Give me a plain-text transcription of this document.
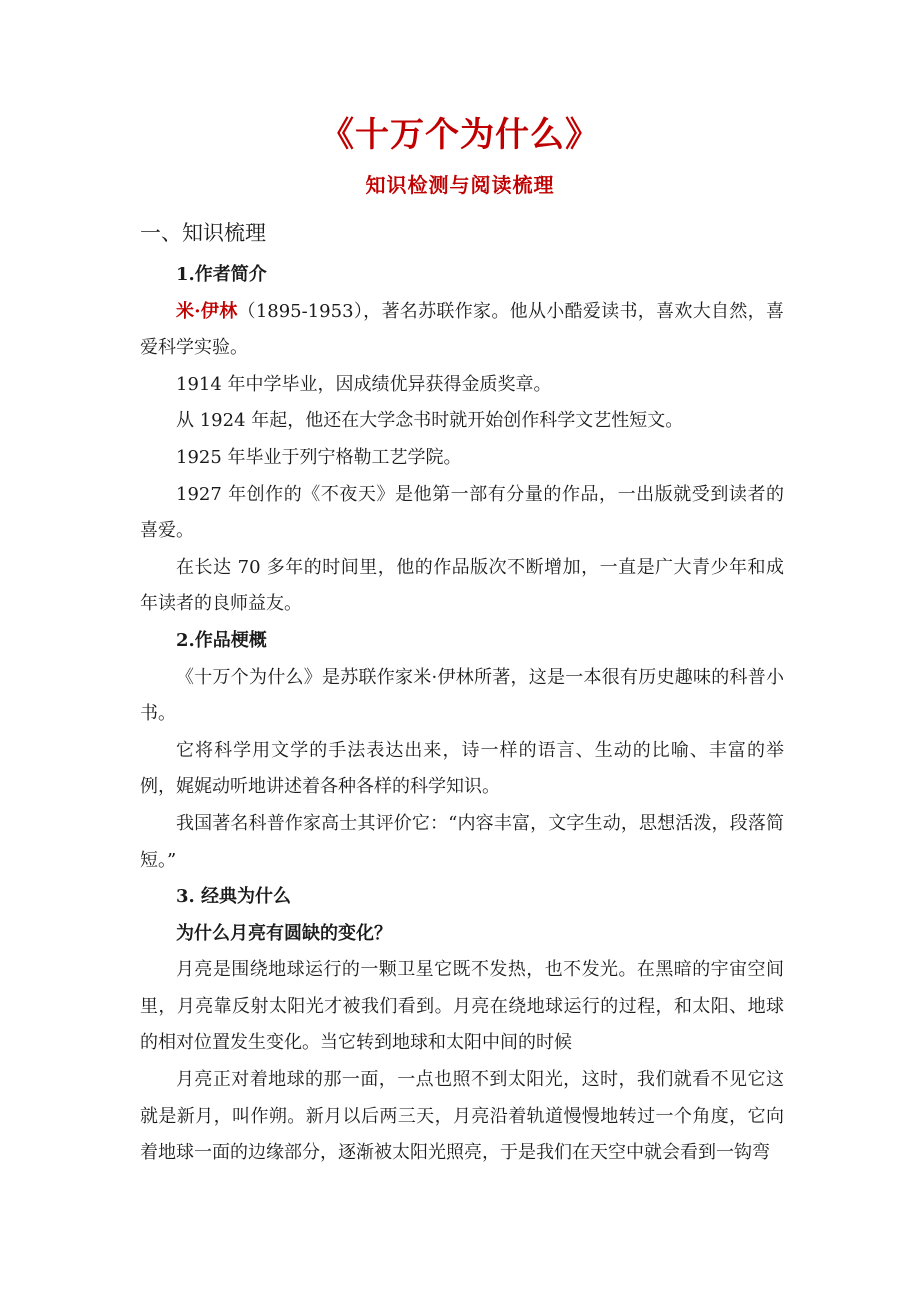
《十万个为什么》
知识检测与阅读梳理
一、知识梳理

1.作者简介

米·伊林（1895-1953），著名苏联作家。他从小酷爱读书，喜欢大自然，喜爱科学实验。

1914 年中学毕业，因成绩优异获得金质奖章。

从 1924 年起，他还在大学念书时就开始创作科学文艺性短文。

1925 年毕业于列宁格勒工艺学院。

1927 年创作的《不夜天》是他第一部有分量的作品，一出版就受到读者的喜爱。

在长达 70 多年的时间里，他的作品版次不断增加，一直是广大青少年和成年读者的良师益友。

2.作品梗概

《十万个为什么》是苏联作家米·伊林所著，这是一本很有历史趣味的科普小书。

它将科学用文学的手法表达出来，诗一样的语言、生动的比喻、丰富的举例，娓娓动听地讲述着各种各样的科学知识。

我国著名科普作家高士其评价它：“内容丰富，文字生动，思想活泼，段落简短。”

3. 经典为什么

为什么月亮有圆缺的变化？

月亮是围绕地球运行的一颗卫星它既不发热，也不发光。在黑暗的宇宙空间里，月亮靠反射太阳光才被我们看到。月亮在绕地球运行的过程，和太阳、地球的相对位置发生变化。当它转到地球和太阳中间的时候

月亮正对着地球的那一面，一点也照不到太阳光，这时，我们就看不见它这就是新月，叫作朔。新月以后两三天，月亮沿着轨道慢慢地转过一个角度，它向着地球一面的边缘部分，逐渐被太阳光照亮，于是我们在天空中就会看到一钩弯
